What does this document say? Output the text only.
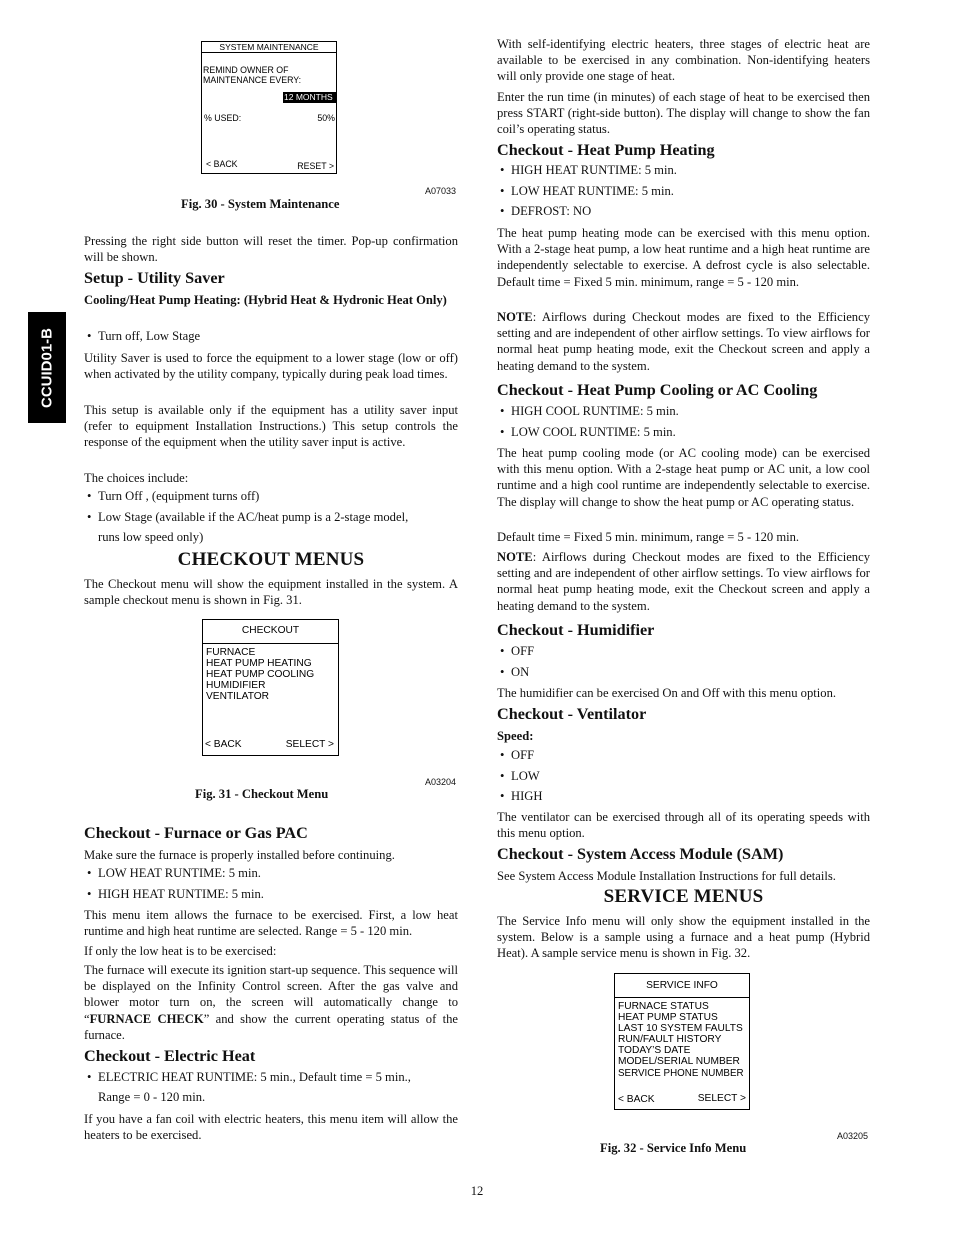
CCUID01-B
SYSTEM MAINTENANCE
REMIND OWNER OF
MAINTENANCE EVERY:
12 MONTHS
% USED:	50%
< BACK	RESET >
A07033
Fig. 30 - System Maintenance

Pressing the right side button will reset the timer. Pop-up confirmation will be shown.

Setup - Utility Saver

Cooling/Heat Pump Heating: (Hybrid Heat & Hydronic Heat Only)

• Turn off, Low Stage

Utility Saver is used to force the equipment to a lower stage (low or off) when activated by the utility company, typically during peak load times.

This setup is available only if the equipment has a utility saver input (refer to equipment Installation Instructions.) This setup controls the response of the equipment when the utility saver input is active.

The choices include:

• Turn Off , (equipment turns off)
• Low Stage (available if the AC/heat pump is a 2-stage model,

runs low speed only)

CHECKOUT MENUS

The Checkout menu will show the equipment installed in the system. A sample checkout menu is shown in Fig. 31.

Checkout - Furnace or Gas PAC

Make sure the furnace is properly installed before continuing.

• LOW HEAT RUNTIME: 5 min.
• HIGH HEAT RUNTIME: 5 min.

This menu item allows the furnace to be exercised. First, a low heat runtime and high heat runtime are selected. Range = 5 - 120 min.

If only the low heat is to be exercised:

The furnace will execute its ignition start-up sequence. This sequence will be displayed on the Infinity Control screen. After the gas valve and blower motor turn on, the screen will automatically change to “FURNACE CHECK” and show the current operating status of the furnace.

Checkout - Electric Heat
• ELECTRIC HEAT RUNTIME: 5 min., Default time = 5 min.,

Range = 0 - 120 min.

If you have a fan coil with electric heaters, this menu item will allow the heaters to be exercised.

CHECKOUT
FURNACE
HEAT PUMP HEATING
HEAT PUMP COOLING
HUMIDIFIER
VENTILATOR
< BACK	SELECT >
A03204
Fig. 31 - Checkout Menu

With self-identifying electric heaters, three stages of electric heat are available to be exercised in any combination. Non-identifying heaters will only provide one stage of heat.

Enter the run time (in minutes) of each stage of heat to be exercised then press START (right-side button). The display will change to show the fan coil’s operating status.

Checkout - Heat Pump Heating
• HIGH HEAT RUNTIME: 5 min.
• LOW HEAT RUNTIME: 5 min.
• DEFROST: NO

The heat pump heating mode can be exercised with this menu option. With a 2-stage heat pump, a low heat runtime and a high heat runtime are independently selectable to exercise. A defrost cycle is also selectable. Default time = Fixed 5 min. minimum, range = 5 - 120 min.

NOTE: Airflows during Checkout modes are fixed to the Efficiency setting and are independent of other airflow settings. To view airflows for normal heat pump heating mode, exit the Checkout screen and apply a heating demand to the system.

Checkout - Heat Pump Cooling or AC Cooling
• HIGH COOL RUNTIME: 5 min.
• LOW COOL RUNTIME: 5 min.

The heat pump cooling mode (or AC cooling mode) can be exercised with this menu option. With a 2-stage heat pump or AC unit, a low cool runtime and a high cool runtime are independently selectable to exercise. The display will change to show the heat pump or AC operating status.

Default time = Fixed 5 min. minimum, range = 5 - 120 min.

NOTE: Airflows during Checkout modes are fixed to the Efficiency setting and are independent of other airflow settings. To view airflows for normal heat pump heating mode, exit the Checkout screen and apply a heating demand to the system.

Checkout - Humidifier
• OFF
• ON

The humidifier can be exercised On and Off with this menu option.

Checkout - Ventilator

Speed:

• OFF
• LOW
• HIGH

The ventilator can be exercised through all of its operating speeds with this menu option.

Checkout - System Access Module (SAM)

See System Access Module Installation Instructions for full details.

SERVICE MENUS

The Service Info menu will only show the equipment installed in the system. Below is a sample using a furnace and a heat pump (Hybrid Heat). A sample service menu is shown in Fig. 32.

SERVICE INFO
FURNACE STATUS
HEAT PUMP STATUS
LAST 10 SYSTEM FAULTS
RUN/FAULT HISTORY
TODAY’S DATE
MODEL/SERIAL NUMBER
SERVICE PHONE NUMBER
< BACK	SELECT >
A03205
Fig. 32 - Service Info Menu
12
